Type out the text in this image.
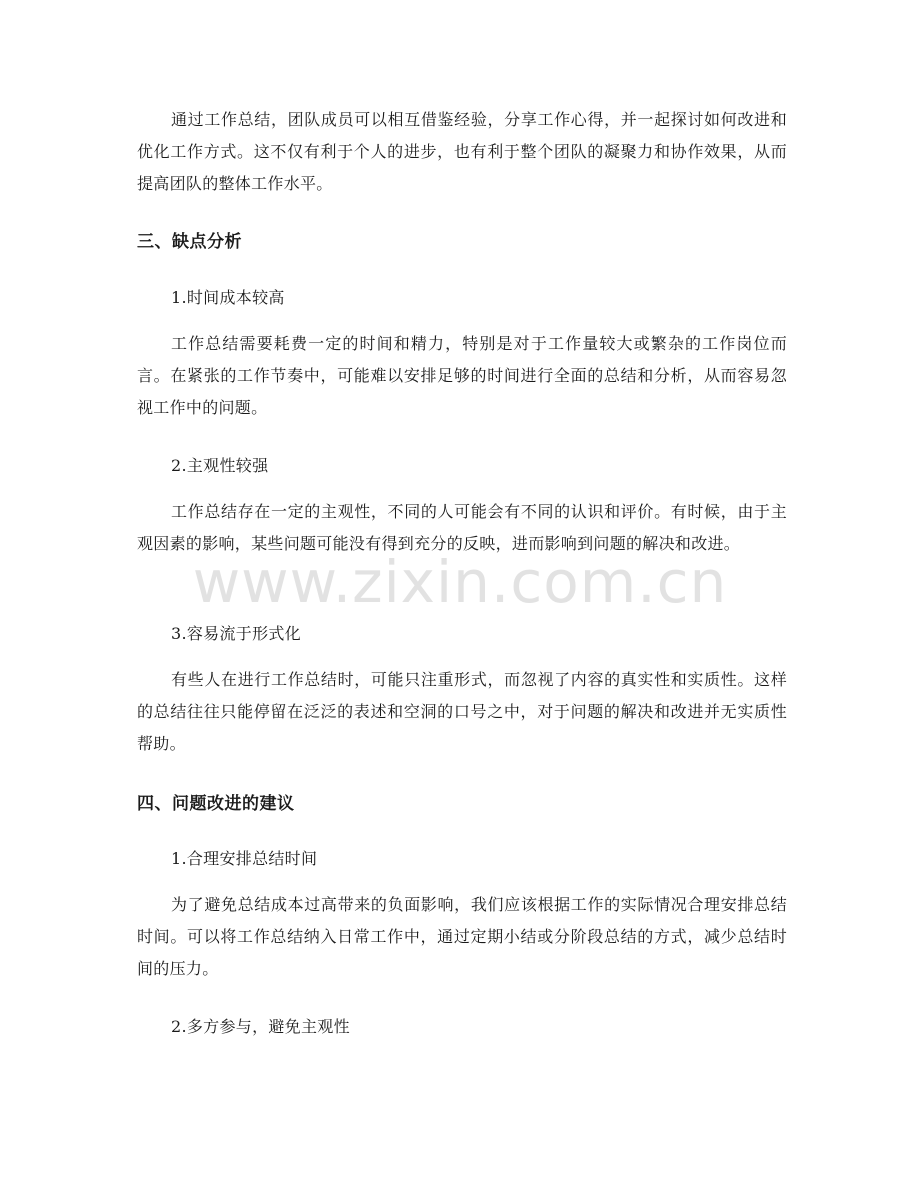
通过工作总结，团队成员可以相互借鉴经验，分享工作心得，并一起探讨如何改进和优化工作方式。这不仅有利于个人的进步，也有利于整个团队的凝聚力和协作效果，从而提高团队的整体工作水平。

三、缺点分析

1.时间成本较高

工作总结需要耗费一定的时间和精力，特别是对于工作量较大或繁杂的工作岗位而言。在紧张的工作节奏中，可能难以安排足够的时间进行全面的总结和分析，从而容易忽视工作中的问题。

2.主观性较强

工作总结存在一定的主观性，不同的人可能会有不同的认识和评价。有时候，由于主观因素的影响，某些问题可能没有得到充分的反映，进而影响到问题的解决和改进。

3.容易流于形式化

有些人在进行工作总结时，可能只注重形式，而忽视了内容的真实性和实质性。这样的总结往往只能停留在泛泛的表述和空洞的口号之中，对于问题的解决和改进并无实质性帮助。

四、问题改进的建议

1.合理安排总结时间

为了避免总结成本过高带来的负面影响，我们应该根据工作的实际情况合理安排总结时间。可以将工作总结纳入日常工作中，通过定期小结或分阶段总结的方式，减少总结时间的压力。

2.多方参与，避免主观性

www.zixin.com.cn
